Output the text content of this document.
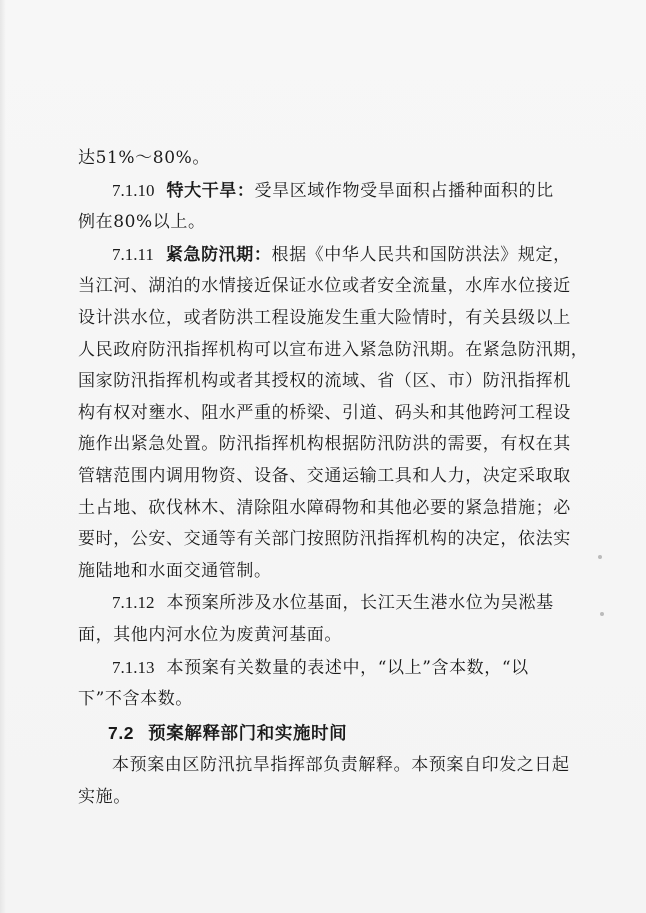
达51%～80%。
7.1.10 特大干旱：受旱区域作物受旱面积占播种面积的比
例在80%以上。
7.1.11 紧急防汛期：根据《中华人民共和国防洪法》规定，
当江河、湖泊的水情接近保证水位或者安全流量，水库水位接近
设计洪水位，或者防洪工程设施发生重大险情时，有关县级以上
人民政府防汛指挥机构可以宣布进入紧急防汛期。在紧急防汛期，
国家防汛指挥机构或者其授权的流域、省（区、市）防汛指挥机
构有权对壅水、阻水严重的桥梁、引道、码头和其他跨河工程设
施作出紧急处置。防汛指挥机构根据防汛防洪的需要，有权在其
管辖范围内调用物资、设备、交通运输工具和人力，决定采取取
土占地、砍伐林木、清除阻水障碍物和其他必要的紧急措施；必
要时，公安、交通等有关部门按照防汛指挥机构的决定，依法实
施陆地和水面交通管制。
7.1.12 本预案所涉及水位基面，长江天生港水位为吴淞基
面，其他内河水位为废黄河基面。
7.1.13 本预案有关数量的表述中，“以上”含本数，“以
下”不含本数。
7.2 预案解释部门和实施时间
本预案由区防汛抗旱指挥部负责解释。本预案自印发之日起
实施。
